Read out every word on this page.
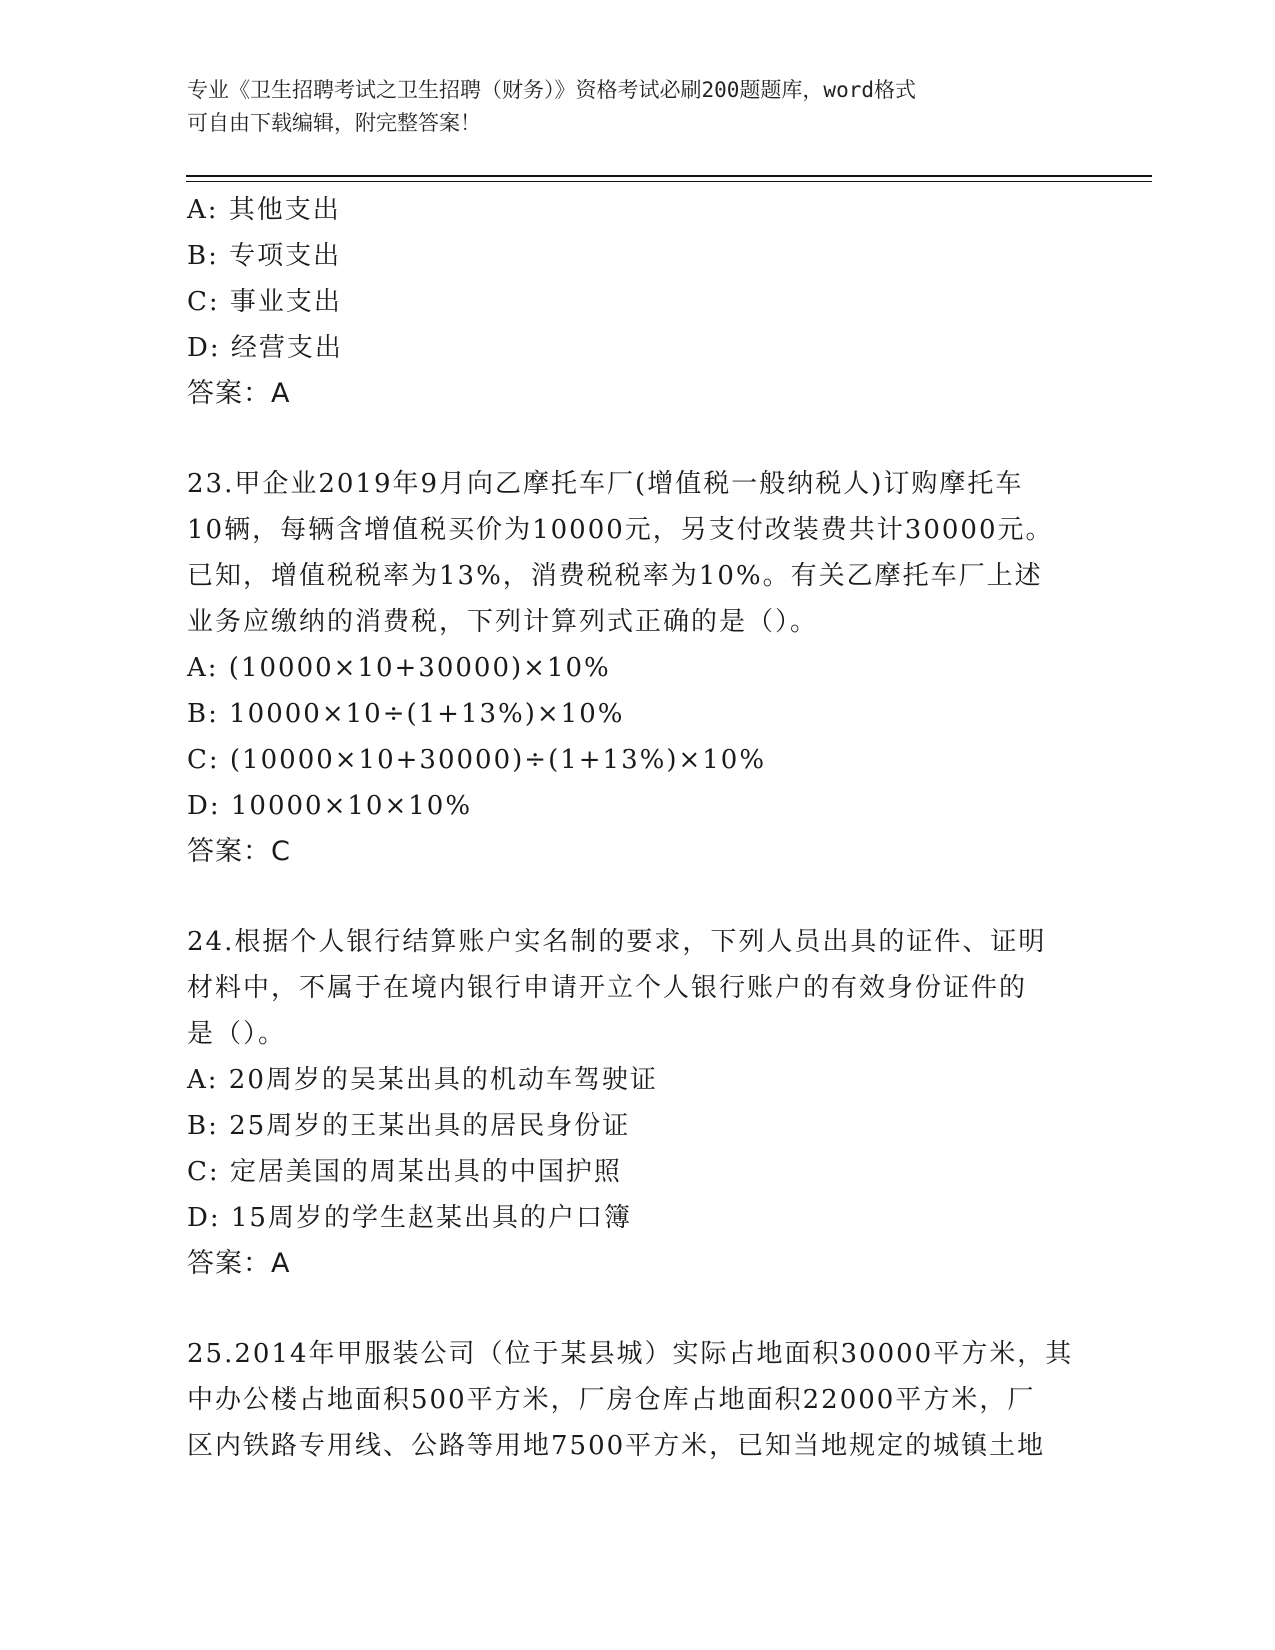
专业《卫生招聘考试之卫生招聘（财务）》资格考试必刷200题题库，word格式
可自由下载编辑，附完整答案！
A: 其他支出
B: 专项支出
C: 事业支出
D: 经营支出
答案：A
23.甲企业2019年9月向乙摩托车厂(增值税一般纳税人)订购摩托车
10辆，每辆含增值税买价为10000元，另支付改装费共计30000元。
已知，增值税税率为13%，消费税税率为10%。有关乙摩托车厂上述
业务应缴纳的消费税，下列计算列式正确的是（）。
A: (10000×10+30000)×10%
B: 10000×10÷(1+13%)×10%
C: (10000×10+30000)÷(1+13%)×10%
D: 10000×10×10%
答案：C
24.根据个人银行结算账户实名制的要求，下列人员出具的证件、证明
材料中，不属于在境内银行申请开立个人银行账户的有效身份证件的
是（）。
A: 20周岁的吴某出具的机动车驾驶证
B: 25周岁的王某出具的居民身份证
C: 定居美国的周某出具的中国护照
D: 15周岁的学生赵某出具的户口簿
答案：A
25.2014年甲服装公司（位于某县城）实际占地面积30000平方米，其
中办公楼占地面积500平方米，厂房仓库占地面积22000平方米，厂
区内铁路专用线、公路等用地7500平方米，已知当地规定的城镇土地
